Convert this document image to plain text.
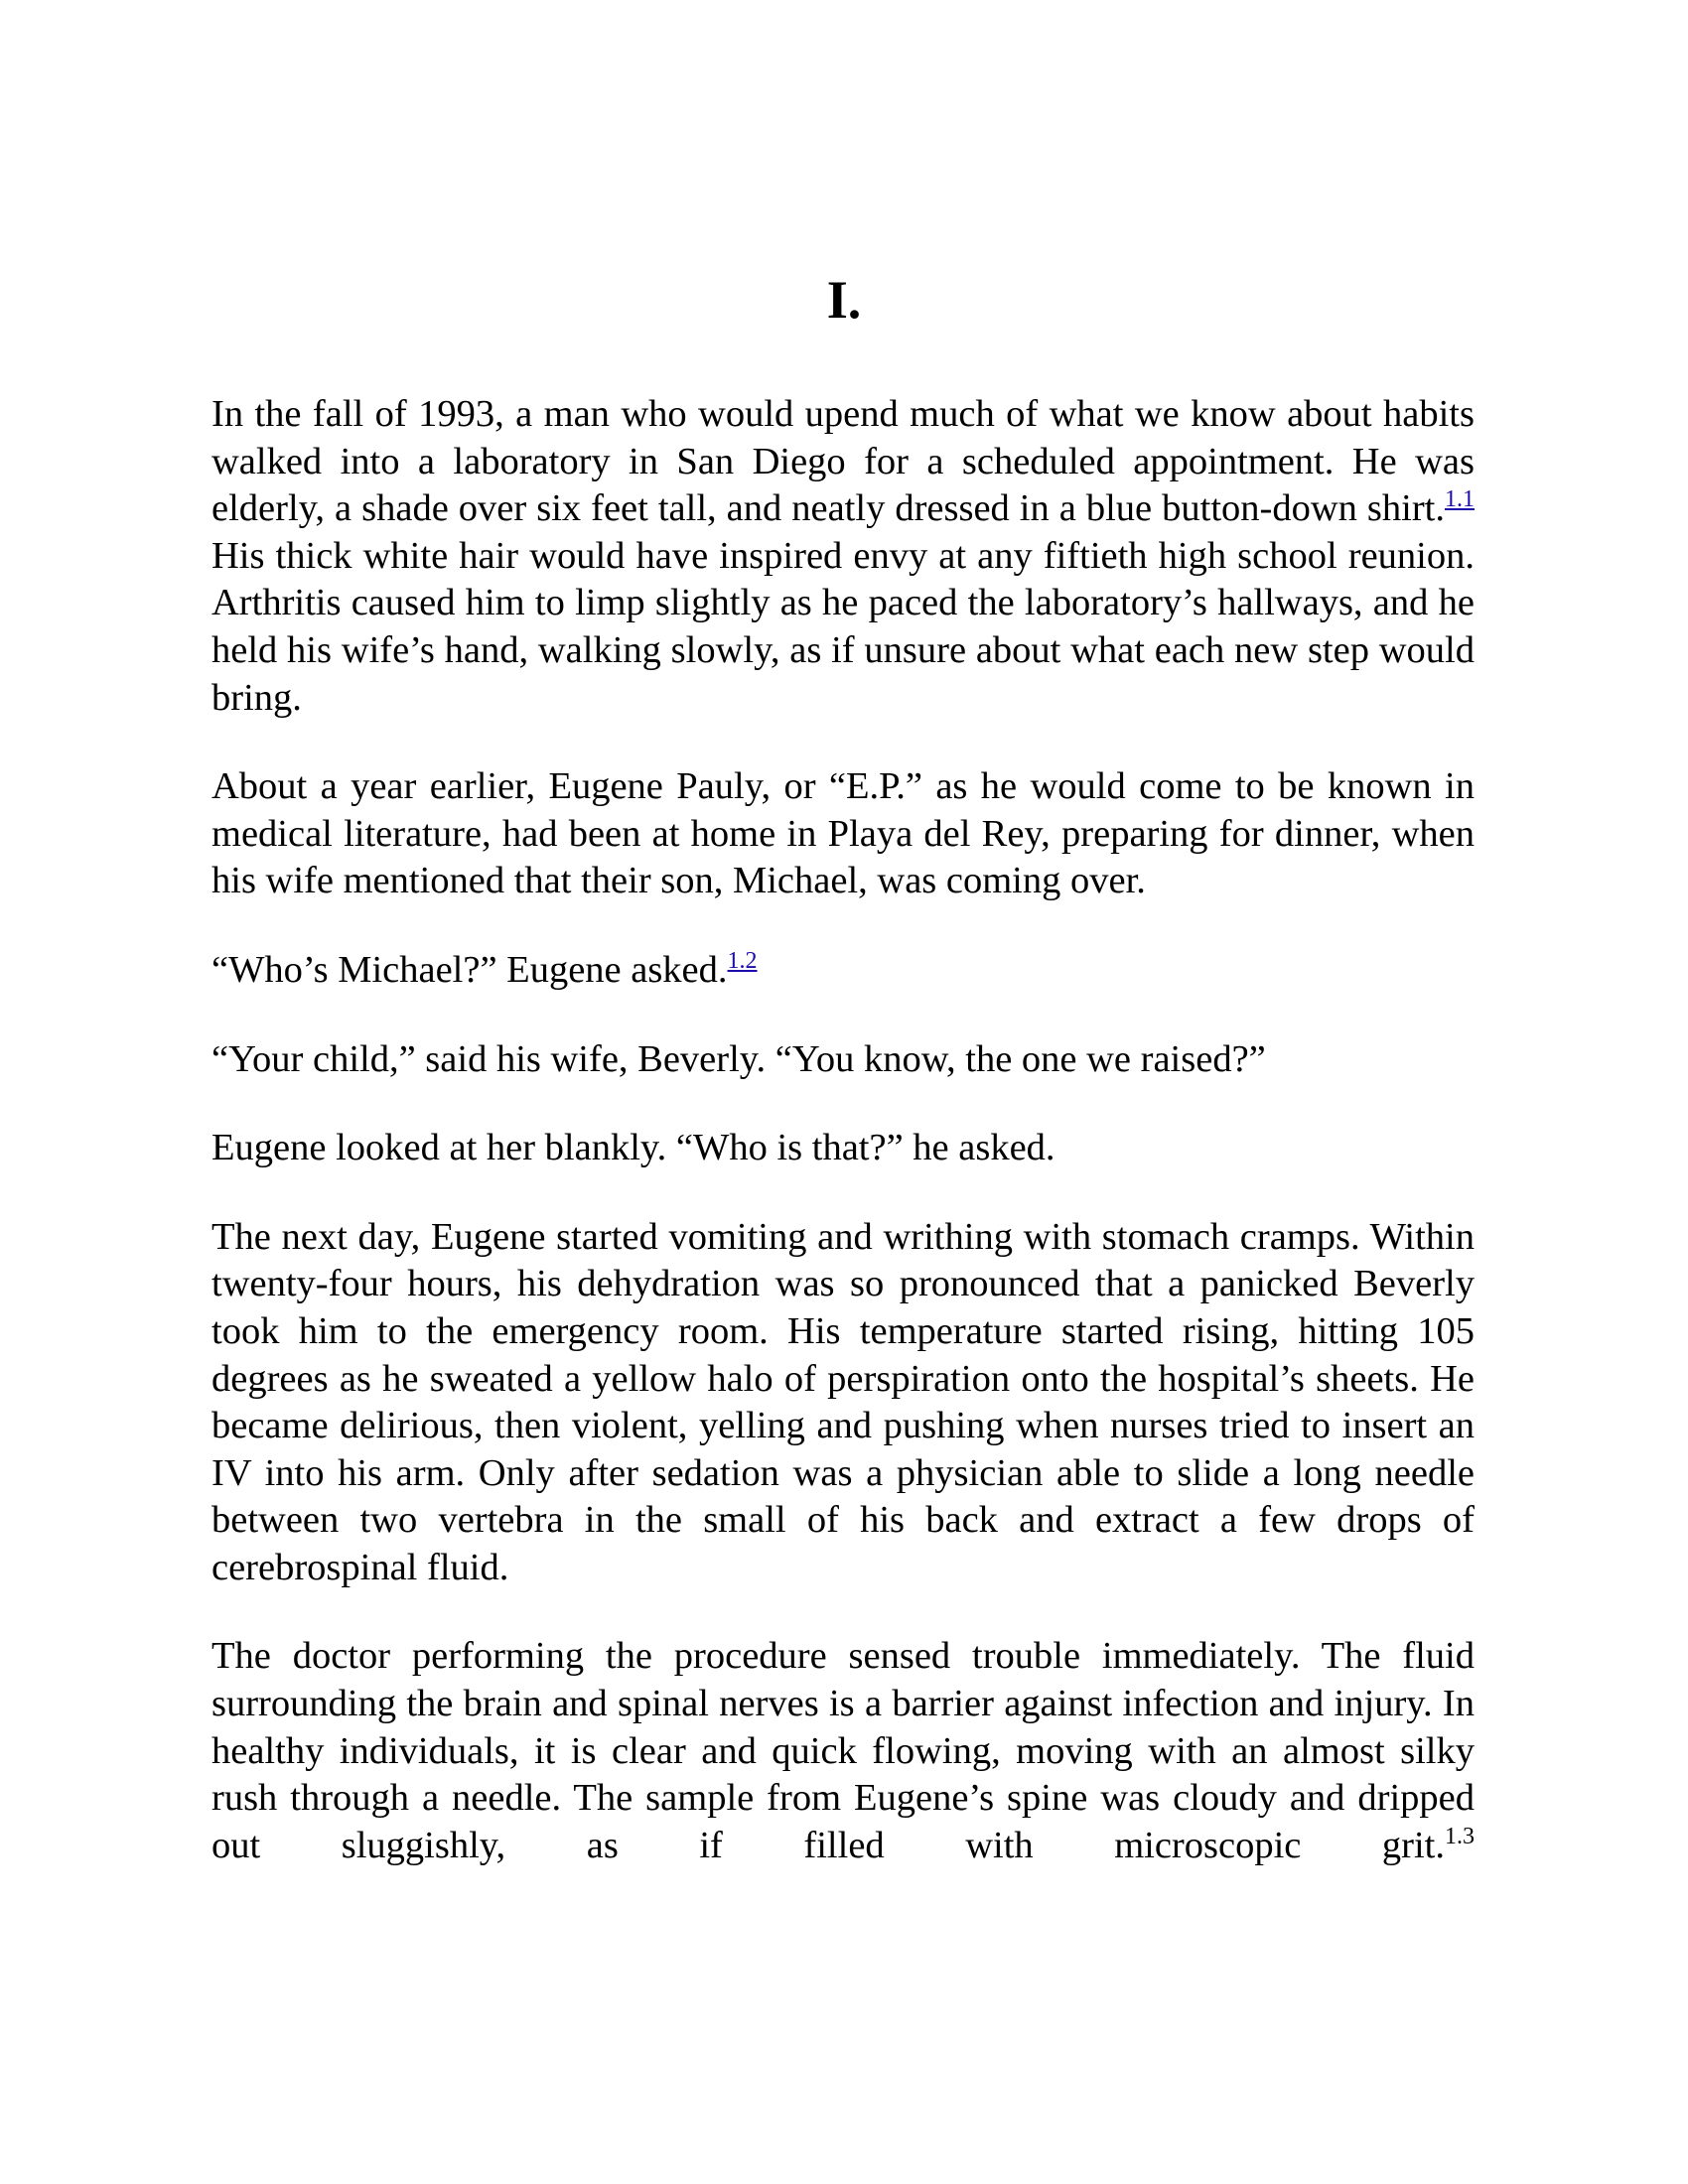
I.

In the fall of 1993, a man who would upend much of what we know about habits walked into a laboratory in San Diego for a scheduled appointment. He was elderly, a shade over six feet tall, and neatly dressed in a blue button-down shirt.$^{1.1}$ His thick white hair would have inspired envy at any fiftieth high school reunion. Arthritis caused him to limp slightly as he paced the laboratory’s hallways, and he held his wife’s hand, walking slowly, as if unsure about what each new step would bring.

About a year earlier, Eugene Pauly, or “E.P.” as he would come to be known in medical literature, had been at home in Playa del Rey, preparing for dinner, when his wife mentioned that their son, Michael, was coming over.

“Who’s Michael?” Eugene asked.$^{1.2}$

“Your child,” said his wife, Beverly. “You know, the one we raised?”

Eugene looked at her blankly. “Who is that?” he asked.

The next day, Eugene started vomiting and writhing with stomach cramps. Within twenty-four hours, his dehydration was so pronounced that a panicked Beverly took him to the emergency room. His temperature started rising, hitting 105 degrees as he sweated a yellow halo of perspiration onto the hospital’s sheets. He became delirious, then violent, yelling and pushing when nurses tried to insert an IV into his arm. Only after sedation was a physician able to slide a long needle between two vertebra in the small of his back and extract a few drops of cerebrospinal fluid.

The doctor performing the procedure sensed trouble immediately. The fluid surrounding the brain and spinal nerves is a barrier against infection and injury. In healthy individuals, it is clear and quick flowing, moving with an almost silky rush through a needle. The sample from Eugene’s spine was cloudy and dripped out sluggishly, as if filled with microscopic grit.$^{1.3}$
